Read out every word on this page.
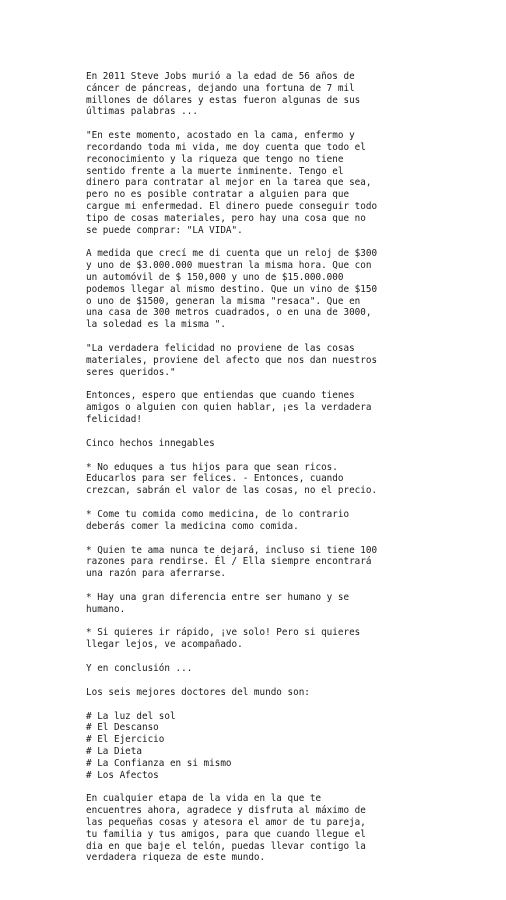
En 2011 Steve Jobs murió a la edad de 56 años de
cáncer de páncreas, dejando una fortuna de 7 mil
millones de dólares y estas fueron algunas de sus
últimas palabras ...

"En este momento, acostado en la cama, enfermo y
recordando toda mi vida, me doy cuenta que todo el
reconocimiento y la riqueza que tengo no tiene
sentido frente a la muerte inminente. Tengo el
dinero para contratar al mejor en la tarea que sea,
pero no es posible contratar a alguien para que
cargue mi enfermedad. El dinero puede conseguir todo
tipo de cosas materiales, pero hay una cosa que no
se puede comprar: "LA VIDA".

A medida que crecí me di cuenta que un reloj de $300
y uno de $3.000.000 muestran la misma hora. Que con
un automóvil de $ 150,000 y uno de $15.000.000
podemos llegar al mismo destino. Que un vino de $150
o uno de $1500, generan la misma "resaca". Que en
una casa de 300 metros cuadrados, o en una de 3000,
la soledad es la misma ".

"La verdadera felicidad no proviene de las cosas
materiales, proviene del afecto que nos dan nuestros
seres queridos."

Entonces, espero que entiendas que cuando tienes
amigos o alguien con quien hablar, ¡es la verdadera
felicidad!

Cinco hechos innegables

* No eduques a tus hijos para que sean ricos.
Educarlos para ser felices. - Entonces, cuando
crezcan, sabrán el valor de las cosas, no el precio.

* Come tu comida como medicina, de lo contrario
deberás comer la medicina como comida.

* Quien te ama nunca te dejará, incluso si tiene 100
razones para rendirse. Él / Ella siempre encontrará
una razón para aferrarse.

* Hay una gran diferencia entre ser humano y se
humano.

* Si quieres ir rápido, ¡ve solo! Pero si quieres
llegar lejos, ve acompañado.

Y en conclusión ...

Los seis mejores doctores del mundo son:

# La luz del sol
# El Descanso
# El Ejercicio
# La Dieta
# La Confianza en si mismo
# Los Afectos

En cualquier etapa de la vida en la que te
encuentres ahora, agradece y disfruta al máximo de
las pequeñas cosas y atesora el amor de tu pareja,
tu familia y tus amigos, para que cuando llegue el
dia en que baje el telón, puedas llevar contigo la
verdadera riqueza de este mundo.
